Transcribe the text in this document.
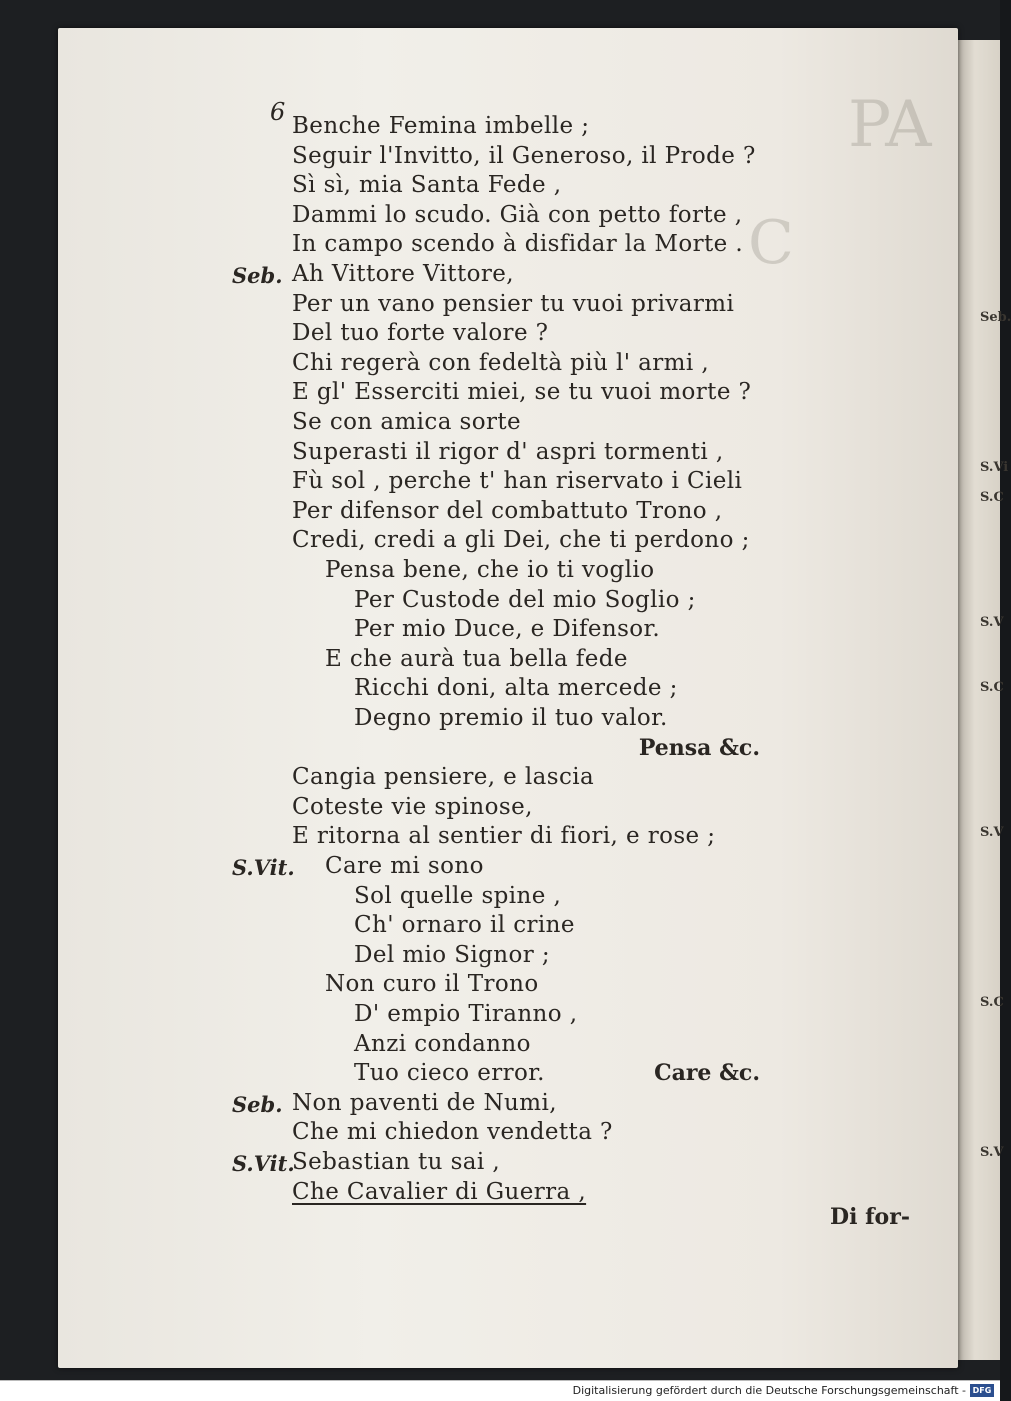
Seb.
S.Vi
S.C
S.V
S.C
S.V
S.C
S.V
PA
C
6 Benche Femina imbelle ;
Seguir l'Invitto, il Generoso, il Prode ?
Sì sì, mia Santa Fede ,
Dammi lo scudo. Già con petto forte ,
In campo scendo à disfidar la Morte .
Seb. Ah Vittore Vittore,
Per un vano pensier tu vuoi privarmi
Del tuo forte valore ?
Chi regerà con fedeltà più l' armi ,
E gl' Esserciti miei, se tu vuoi morte ?
Se con amica sorte
Superasti il rigor d' aspri tormenti ,
Fù sol , perche t' han riservato i Cieli
Per difensor del combattuto Trono ,
Credi, credi a gli Dei, che ti perdono ;
Pensa bene, che io ti voglio
Per Custode del mio Soglio ;
Per mio Duce, e Difensor.
E che aurà tua bella fede
Ricchi doni, alta mercede ;
Degno premio il tuo valor.
Pensa &c.
Cangia pensiere, e lascia
Coteste vie spinose,
E ritorna al sentier di fiori, e rose ;
S.Vit. Care mi sono
Sol quelle spine ,
Ch' ornaro il crine
Del mio Signor ;
Non curo il Trono
D' empio Tiranno ,
Anzi condanno
Tuo cieco error.	Care &c.
Seb. Non paventi de Numi,
Che mi chiedon vendetta ?
S.Vit.
Sebastian tu sai ,
Che Cavalier di Guerra ,
Di for-
Digitalisierung gefördert durch die Deutsche Forschungsgemeinschaft - DFG
